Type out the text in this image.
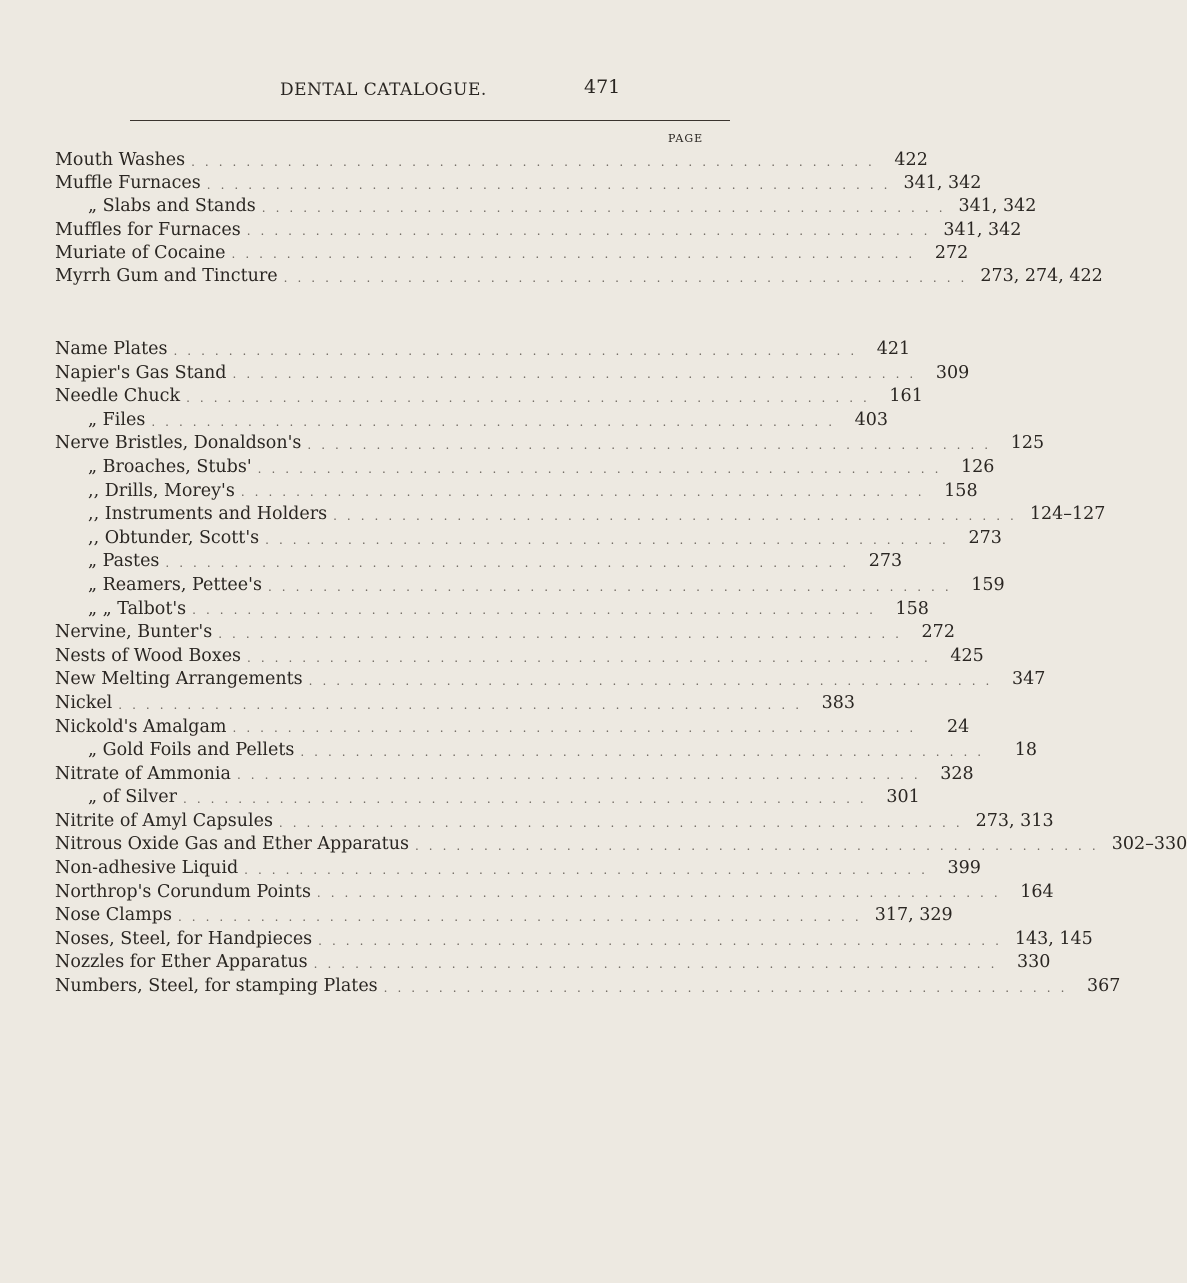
DENTAL CATALOGUE.	471
PAGE
Mouth Washes .................................................. 422
Muffle Furnaces .................................................. 341, 342
„ Slabs and Stands .................................................. 341, 342
Muffles for Furnaces .................................................. 341, 342
Muriate of Cocaine .................................................. 272
Myrrh Gum and Tincture .................................................. 273, 274, 422
Name Plates .................................................. 421
Napier's Gas Stand .................................................. 309
Needle Chuck .................................................. 161
„ Files .................................................. 403
Nerve Bristles, Donaldson's .................................................. 125
„ Broaches, Stubs' .................................................. 126
,, Drills, Morey's .................................................. 158
,, Instruments and Holders .................................................. 124–127
,, Obtunder, Scott's .................................................. 273
„ Pastes .................................................. 273
„ Reamers, Pettee's .................................................. 159
„ „ Talbot's .................................................. 158
Nervine, Bunter's .................................................. 272
Nests of Wood Boxes .................................................. 425
New Melting Arrangements .................................................. 347
Nickel .................................................. 383
Nickold's Amalgam ..................................................	24
„ Gold Foils and Pellets ..................................................	18
Nitrate of Ammonia .................................................. 328
„ of Silver .................................................. 301
Nitrite of Amyl Capsules .................................................. 273, 313
Nitrous Oxide Gas and Ether Apparatus .................................................. 302–330
Non-adhesive Liquid .................................................. 399
Northrop's Corundum Points .................................................. 164
Nose Clamps .................................................. 317, 329
Noses, Steel, for Handpieces .................................................. 143, 145
Nozzles for Ether Apparatus .................................................. 330
Numbers, Steel, for stamping Plates .................................................. 367
